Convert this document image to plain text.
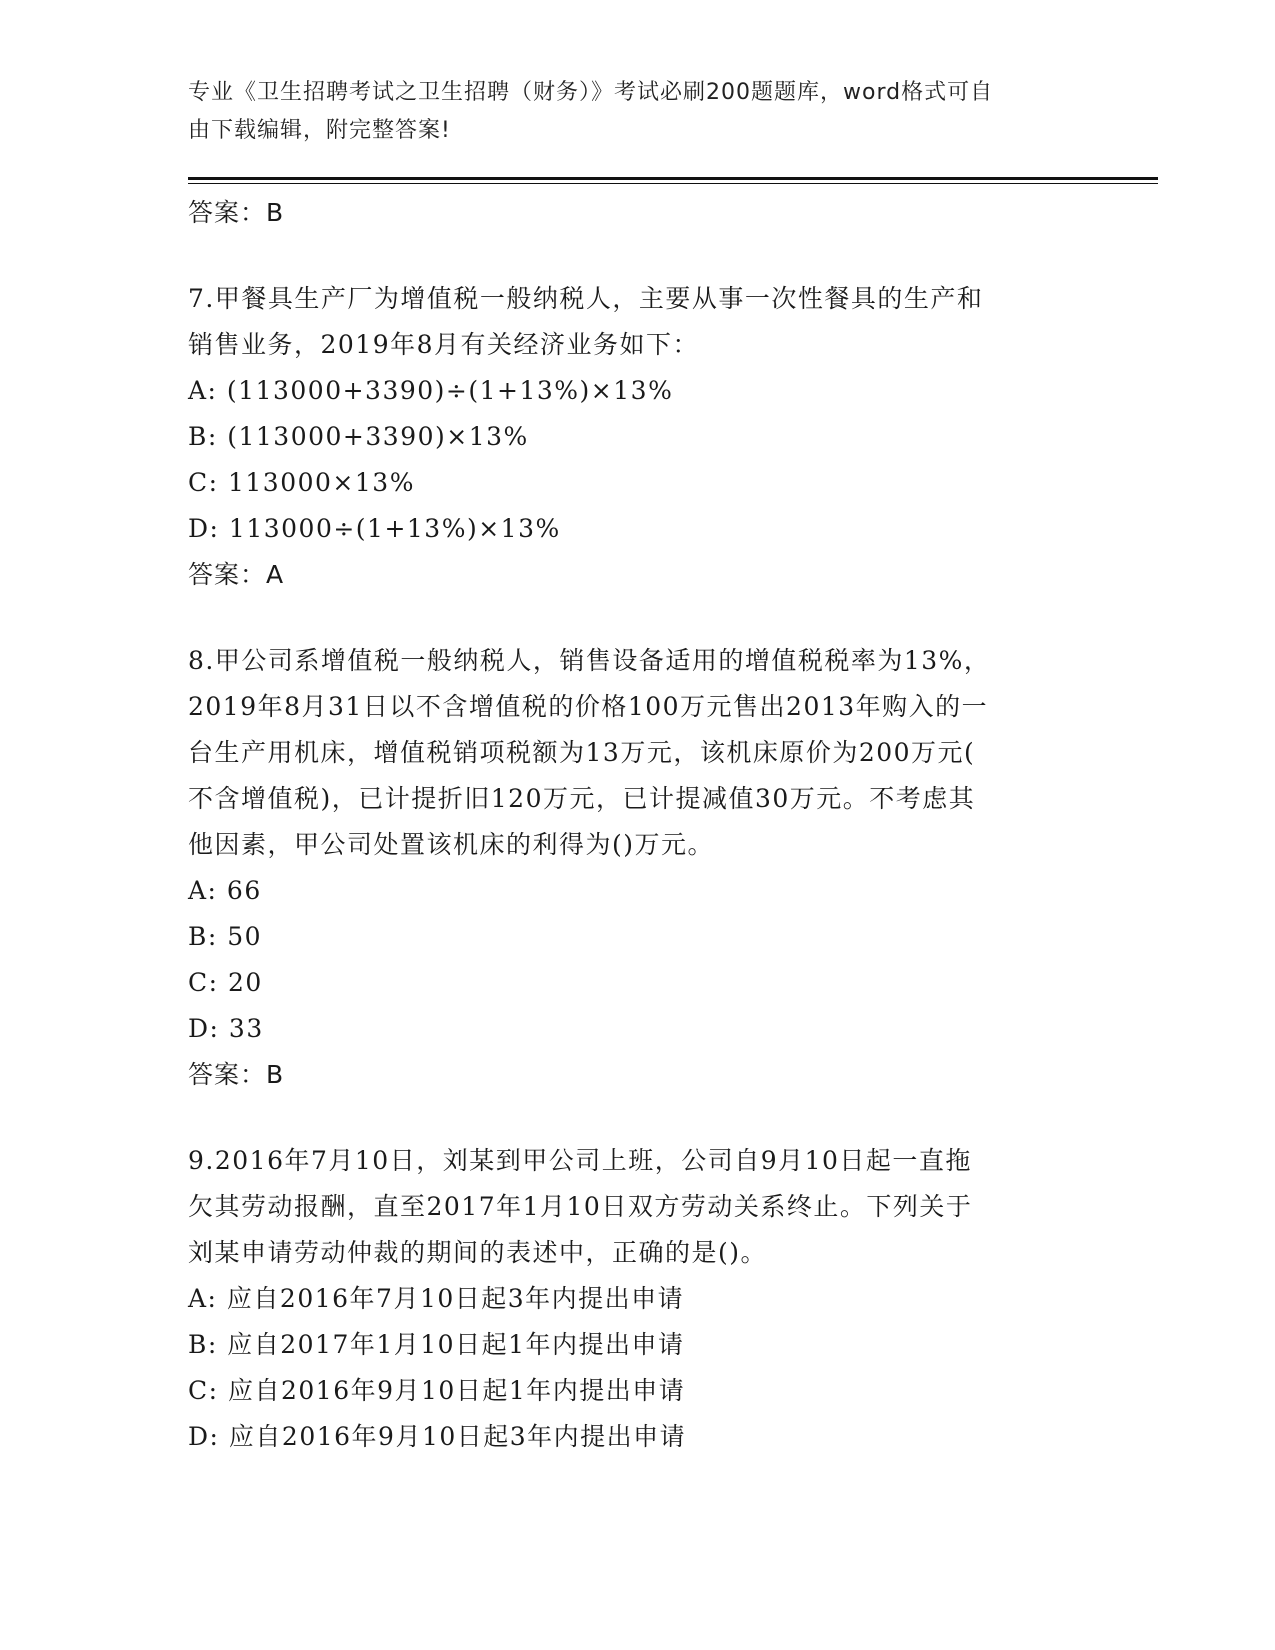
专业《卫生招聘考试之卫生招聘（财务）》考试必刷200题题库，word格式可自
由下载编辑，附完整答案!

答案：B

7.甲餐具生产厂为增值税一般纳税人，主要从事一次性餐具的生产和

销售业务，2019年8月有关经济业务如下：

A: (113000+3390)÷(1+13%)×13%

B: (113000+3390)×13%

C: 113000×13%

D: 113000÷(1+13%)×13%

答案：A

8.甲公司系增值税一般纳税人，销售设备适用的增值税税率为13%，

2019年8月31日以不含增值税的价格100万元售出2013年购入的一

台生产用机床，增值税销项税额为13万元，该机床原价为200万元(

不含增值税)，已计提折旧120万元，已计提减值30万元。不考虑其

他因素，甲公司处置该机床的利得为()万元。

A: 66

B: 50

C: 20

D: 33

答案：B

9.2016年7月10日，刘某到甲公司上班，公司自9月10日起一直拖

欠其劳动报酬，直至2017年1月10日双方劳动关系终止。下列关于

刘某申请劳动仲裁的期间的表述中，正确的是()。

A: 应自2016年7月10日起3年内提出申请

B: 应自2017年1月10日起1年内提出申请

C: 应自2016年9月10日起1年内提出申请

D: 应自2016年9月10日起3年内提出申请
